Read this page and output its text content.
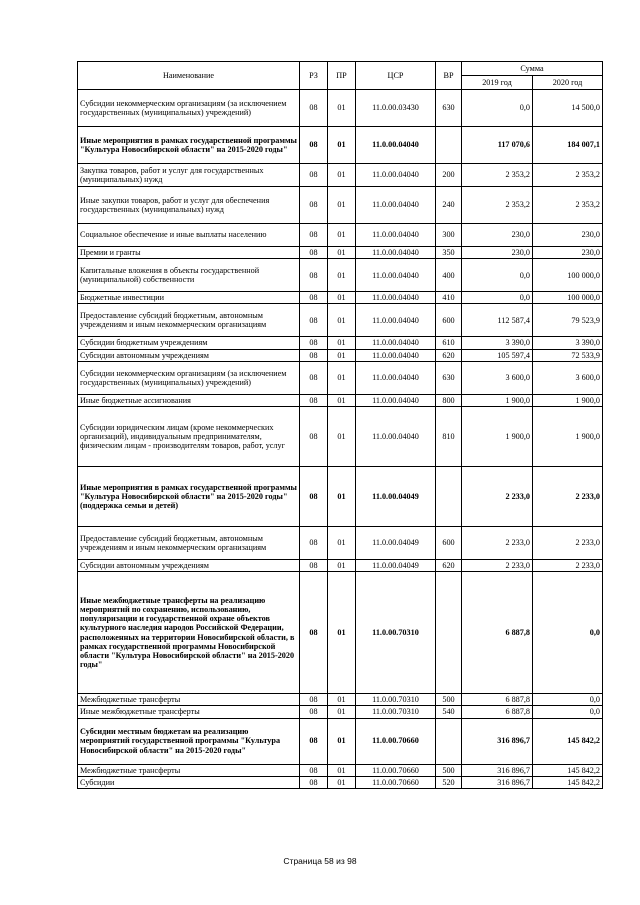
Наименование	РЗ	ПР	ЦСР	ВР	Сумма	
					2019 год	2020 год
Субсидии некоммерческим организациям (за исключением государственных (муниципальных) учреждений)	08	01	11.0.00.03430	630	0,0	14 500,0
Иные мероприятия в рамках государственной программы "Культура Новосибирской области" на 2015-2020 годы"	08	01	11.0.00.04040		117 070,6	184 007,1
Закупка товаров, работ и услуг для государственных (муниципальных) нужд	08	01	11.0.00.04040	200	2 353,2	2 353,2
Иные закупки товаров, работ и услуг для обеспечения государственных (муниципальных) нужд	08	01	11.0.00.04040	240	2 353,2	2 353,2
Социальное обеспечение и иные выплаты населению	08	01	11.0.00.04040	300	230,0	230,0
Премии и гранты	08	01	11.0.00.04040	350	230,0	230,0
Капитальные вложения в объекты государственной (муниципальной) собственности	08	01	11.0.00.04040	400	0,0	100 000,0
Бюджетные инвестиции	08	01	11.0.00.04040	410	0,0	100 000,0
Предоставление субсидий бюджетным, автономным учреждениям и иным некоммерческим организациям	08	01	11.0.00.04040	600	112 587,4	79 523,9
Субсидии бюджетным учреждениям	08	01	11.0.00.04040	610	3 390,0	3 390,0
Субсидии автономным учреждениям	08	01	11.0.00.04040	620	105 597,4	72 533,9
Субсидии некоммерческим организациям (за исключением государственных (муниципальных) учреждений)	08	01	11.0.00.04040	630	3 600,0	3 600,0
Иные бюджетные ассигнования	08	01	11.0.00.04040	800	1 900,0	1 900,0
Субсидии юридическим лицам (кроме некоммерческих организаций), индивидуальным предпринимателям, физическим лицам - производителям товаров, работ, услуг	08	01	11.0.00.04040	810	1 900,0	1 900,0
Иные мероприятия в рамках государственной программы "Культура Новосибирской области" на 2015-2020 годы"(поддержка семьи и детей)	08	01	11.0.00.04049		2 233,0	2 233,0
Предоставление субсидий бюджетным, автономным учреждениям и иным некоммерческим организациям	08	01	11.0.00.04049	600	2 233,0	2 233,0
Субсидии автономным учреждениям	08	01	11.0.00.04049	620	2 233,0	2 233,0
Иные межбюджетные трансферты на реализацию мероприятий по сохранению, использованию, популяризации и государственной охране объектов культурного наследия народов Российской Федерации, расположенных на территории Новосибирской области, в рамках государственной программы Новосибирской области "Культура Новосибирской области" на 2015-2020 годы"	08	01	11.0.00.70310		6 887,8	0,0
Межбюджетные трансферты	08	01	11.0.00.70310	500	6 887,8	0,0
Иные межбюджетные трансферты	08	01	11.0.00.70310	540	6 887,8	0,0
Субсидии местным бюджетам на реализацию мероприятий государственной программы "Культура Новосибирской области" на 2015-2020 годы"	08	01	11.0.00.70660		316 896,7	145 842,2
Межбюджетные трансферты	08	01	11.0.00.70660	500	316 896,7	145 842,2
Субсидии	08	01	11.0.00.70660	520	316 896,7	145 842,2
Страница 58 из 98
